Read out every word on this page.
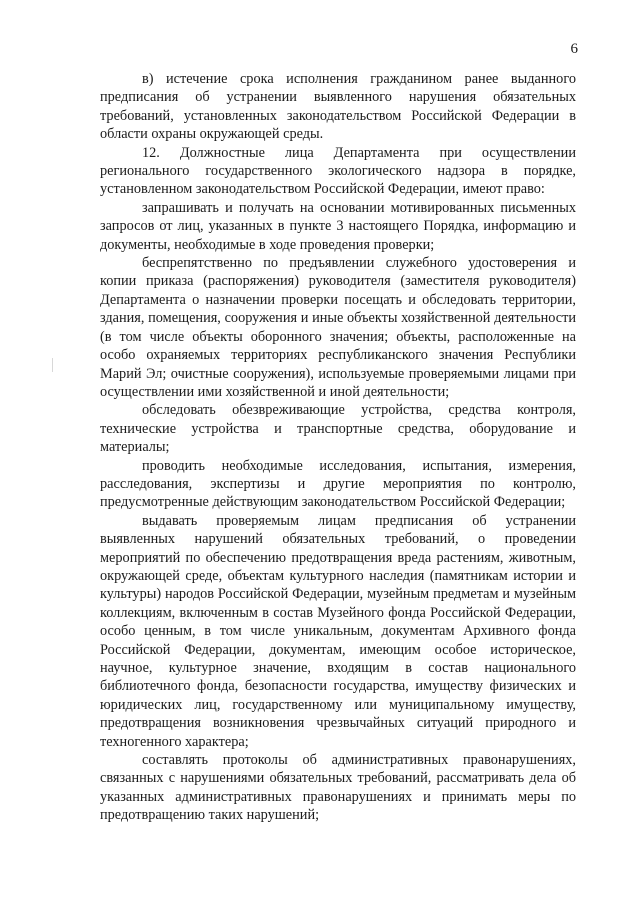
6

в) истечение срока исполнения гражданином ранее выданного предписания об устранении выявленного нарушения обязательных требований, установленных законодательством Российской Федерации в области охраны окружающей среды.

12. Должностные лица Департамента при осуществлении регионального государственного экологического надзора в порядке, установленном законодательством Российской Федерации, имеют право:

запрашивать и получать на основании мотивированных письменных запросов от лиц, указанных в пункте 3 настоящего Порядка, информацию и документы, необходимые в ходе проведения проверки;

беспрепятственно по предъявлении служебного удостоверения и копии приказа (распоряжения) руководителя (заместителя руководителя) Департамента о назначении проверки посещать и обследовать территории, здания, помещения, сооружения и иные объекты хозяйственной деятельности (в том числе объекты оборонного значения; объекты, расположенные на особо охраняемых территориях республиканского значения Республики Марий Эл; очистные сооружения), используемые проверяемыми лицами при осуществлении ими хозяйственной и иной деятельности;

обследовать обезвреживающие устройства, средства контроля, технические устройства и транспортные средства, оборудование и материалы;

проводить необходимые исследования, испытания, измерения, расследования, экспертизы и другие мероприятия по контролю, предусмотренные действующим законодательством Российской Федерации;

выдавать проверяемым лицам предписания об устранении выявленных нарушений обязательных требований, о проведении мероприятий по обеспечению предотвращения вреда растениям, животным, окружающей среде, объектам культурного наследия (памятникам истории и культуры) народов Российской Федерации, музейным предметам и музейным коллекциям, включенным в состав Музейного фонда Российской Федерации, особо ценным, в том числе уникальным, документам Архивного фонда Российской Федерации, документам, имеющим особое историческое, научное, культурное значение, входящим в состав национального библиотечного фонда, безопасности государства, имуществу физических и юридических лиц, государственному или муниципальному имуществу, предотвращения возникновения чрезвычайных ситуаций природного и техногенного характера;

составлять протоколы об административных правонарушениях, связанных с нарушениями обязательных требований, рассматривать дела об указанных административных правонарушениях и принимать меры по предотвращению таких нарушений;
